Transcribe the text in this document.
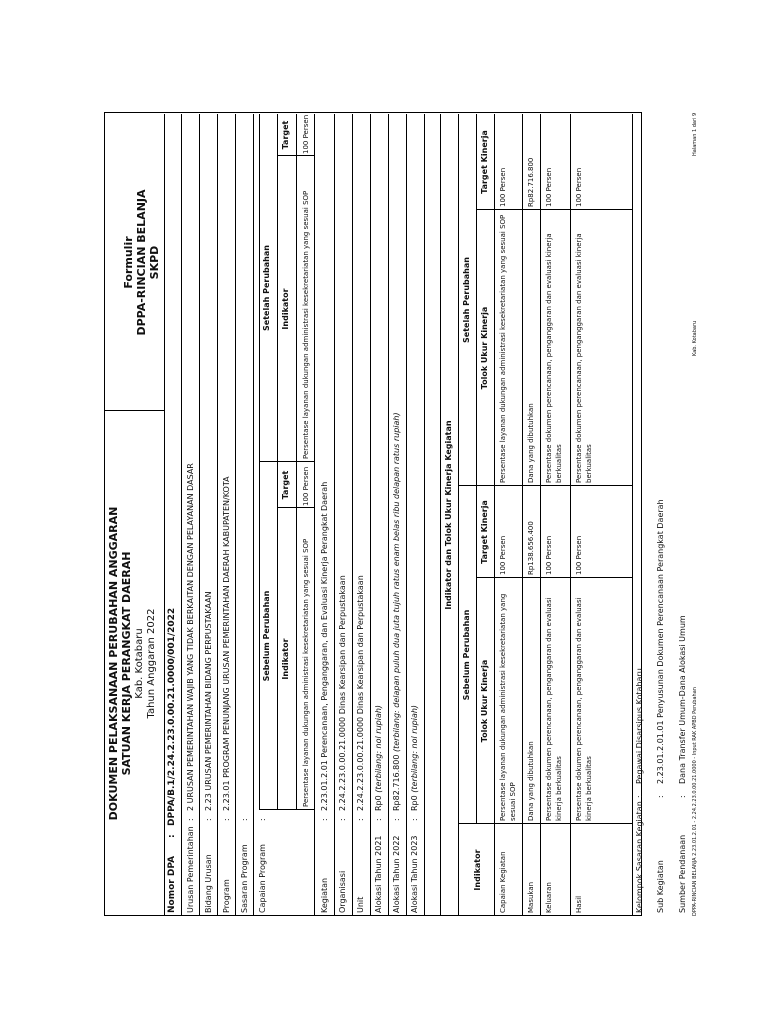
DOKUMEN PELAKSANAAN PERUBAHAN ANGGARAN SATUAN KERJA PERANGKAT DAERAH Kab. Kotabaru Tahun Anggaran 2022
Formulir DPPA-RINCIAN BELANJA SKPD
Nomor DPA
:
DPPA/B.1/2.24.2.23.0.00.21.0000/001/2022
Urusan Pemerintahan
:
2 URUSAN PEMERINTAHAN WAJIB YANG TIDAK BERKAITAN DENGAN PELAYANAN DASAR
Bidang Urusan
:
2.23 URUSAN PEMERINTAHAN BIDANG PERPUSTAKAAN
Program
:
2.23.01 PROGRAM PENUNJANG URUSAN PEMERINTAHAN DAERAH KABUPATEN/KOTA
Sasaran Program
:
Capaian Program
:
Sebelum Perubahan
Setelah Perubahan
Indikator
Target
Indikator
Target
Persentase layanan dukungan administrasi kesekretariatan yang sesuai SOP
100 Persen
Persentase layanan dukungan administrasi kesekretariatan yang sesuai SOP
100 Persen
Kegiatan
:
2.23.01.2.01 Perencanaan, Penganggaran, dan Evaluasi Kinerja Perangkat Daerah
Organisasi
:
2.24.2.23.0.00.21.0000 Dinas Kearsipan dan Perpustakaan
Unit
:
2.24.2.23.0.00.21.0000 Dinas Kearsipan dan Perpustakaan
Alokasi Tahun 2021
:
Rp0 (terbilang: nol rupiah)
Alokasi Tahun 2022
:
Rp82.716.800 (terbilang: delapan puluh dua juta tujuh ratus enam belas ribu delapan ratus rupiah)
Alokasi Tahun 2023
:
Rp0 (terbilang: nol rupiah)
Indikator dan Tolok Ukur Kinerja Kegiatan
Indikator
Sebelum Perubahan
Setelah Perubahan
Tolok Ukur Kinerja
Target Kinerja
Tolok Ukur Kinerja
Target Kinerja
Capaian Kegiatan
Persentase layanan dukungan administrasi kesekretariatan yang sesuai SOP
100 Persen
Persentase layanan dukungan administrasi kesekretariatan yang sesuai SOP
100 Persen
Masukan
Dana yang dibutuhkan
Rp138.656.400
Dana yang dibutuhkan
Rp82.716.800
Keluaran
Persentase dokumen perencanaan, penganggaran dan evaluasi kinerja berkualitas
100 Persen
Persentase dokumen perencanaan, penganggaran dan evaluasi kinerja berkualitas
100 Persen
Hasil
Persentase dokumen perencanaan, penganggaran dan evaluasi kinerja berkualitas
100 Persen
Persentase dokumen perencanaan, penganggaran dan evaluasi kinerja berkualitas
100 Persen
Kelompok Sasaran Kegiatan
:
Pegawai Disarsipus Kotabaru
Sub Kegiatan
:
2.23.01.2.01.01 Penyusunan Dokumen Perencanaan Perangkat Daerah
Sumber Pendanaan
:
Dana Transfer Umum-Dana Alokasi Umum	DPPA-RINCIAN BELANJA 2.23.01.2.01 - 2.24.2.23.0.00.21.0000 - Input RAK APBD Perubahan
Kab. Kotabaru
Halaman 1 dari 9
